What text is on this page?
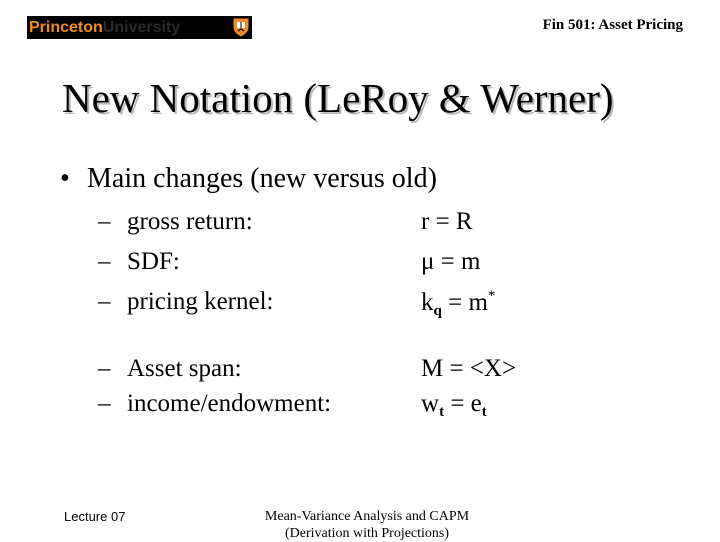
PrincetonUniversity	Fin 501: Asset Pricing
New Notation (LeRoy & Werner)
• Main changes (new versus old)
– gross return:
– SDF:
– pricing kernel:
– Asset span:
– income/endowment:
r = R
μ = m
$k_q = m^*$
M = <X>
$w_t = e_t$
Lecture 07	Mean-Variance Analysis and CAPM
(Derivation with Projections)
